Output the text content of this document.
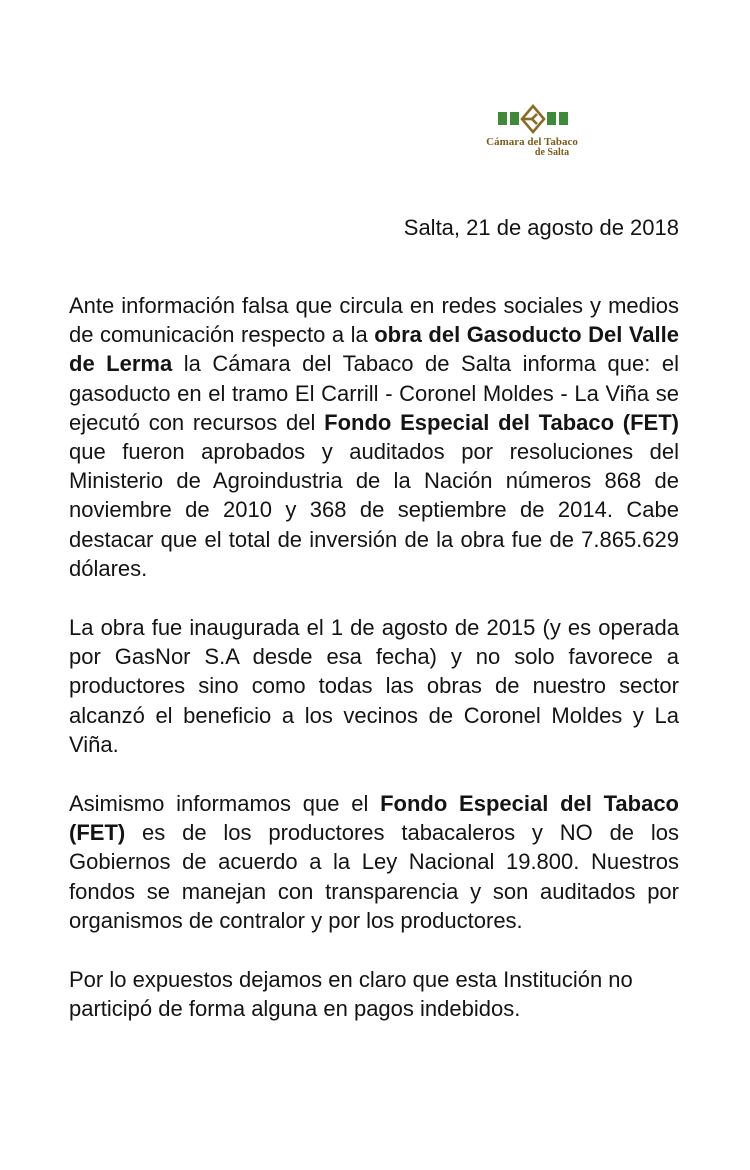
Cámara del Tabaco
de Salta
Salta, 21 de agosto de 2018

Ante información falsa que circula en redes sociales y medios de comunicación respecto a la obra del Gasoducto Del Valle de Lerma la Cámara del Tabaco de Salta informa que: el gasoducto en el tramo El Carrill - Coronel Moldes - La Viña se ejecutó con recursos del Fondo Especial del Tabaco (FET) que fueron aprobados y auditados por resoluciones del Ministerio de Agroindustria de la Nación números 868 de noviembre de 2010 y 368 de septiembre de 2014. Cabe destacar que el total de inversión de la obra fue de 7.865.629 dólares.

La obra fue inaugurada el 1 de agosto de 2015 (y es operada por GasNor S.A desde esa fecha) y no solo favorece a productores sino como todas las obras de nuestro sector alcanzó el beneficio a los vecinos de Coronel Moldes y La Viña.

Asimismo informamos que el Fondo Especial del Tabaco (FET) es de los productores tabacaleros y NO de los Gobiernos de acuerdo a la Ley Nacional 19.800. Nuestros fondos se manejan con transparencia y son auditados por organismos de contralor y por los productores.

Por lo expuestos dejamos en claro que esta Institución no participó de forma alguna en pagos indebidos.
